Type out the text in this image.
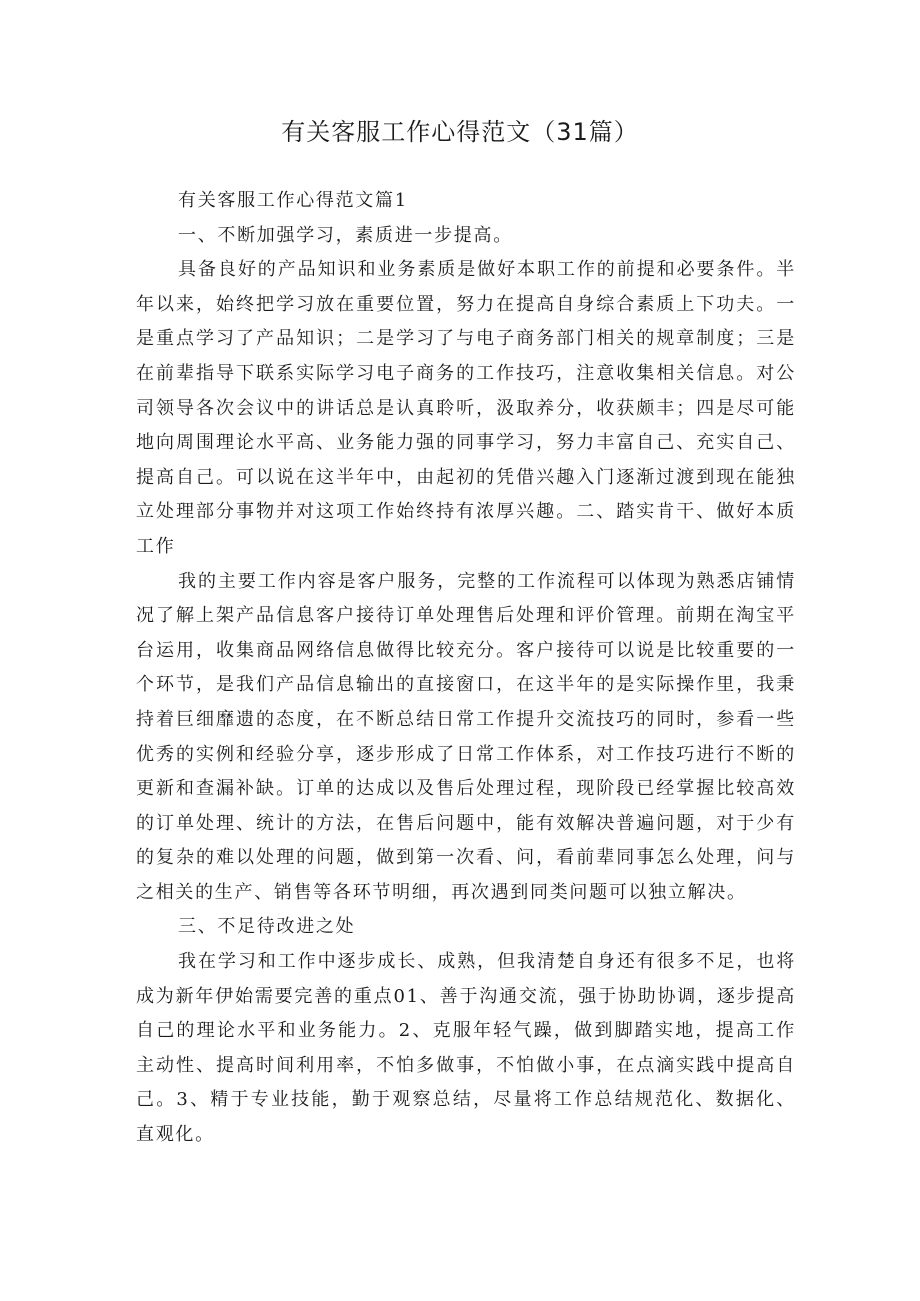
有关客服工作心得范文（31篇）

有关客服工作心得范文篇1

一、不断加强学习，素质进一步提高。

具备良好的产品知识和业务素质是做好本职工作的前提和必要条件。半年以来，始终把学习放在重要位置，努力在提高自身综合素质上下功夫。一是重点学习了产品知识；二是学习了与电子商务部门相关的规章制度；三是在前辈指导下联系实际学习电子商务的工作技巧，注意收集相关信息。对公司领导各次会议中的讲话总是认真聆听，汲取养分，收获颇丰；四是尽可能地向周围理论水平高、业务能力强的同事学习，努力丰富自己、充实自己、提高自己。可以说在这半年中，由起初的凭借兴趣入门逐渐过渡到现在能独立处理部分事物并对这项工作始终持有浓厚兴趣。二、踏实肯干、做好本质工作

我的主要工作内容是客户服务，完整的工作流程可以体现为熟悉店铺情况了解上架产品信息客户接待订单处理售后处理和评价管理。前期在淘宝平台运用，收集商品网络信息做得比较充分。客户接待可以说是比较重要的一个环节，是我们产品信息输出的直接窗口，在这半年的是实际操作里，我秉持着巨细靡遗的态度，在不断总结日常工作提升交流技巧的同时，参看一些优秀的实例和经验分享，逐步形成了日常工作体系，对工作技巧进行不断的更新和查漏补缺。订单的达成以及售后处理过程，现阶段已经掌握比较高效的订单处理、统计的方法，在售后问题中，能有效解决普遍问题，对于少有的复杂的难以处理的问题，做到第一次看、问，看前辈同事怎么处理，问与之相关的生产、销售等各环节明细，再次遇到同类问题可以独立解决。

三、不足待改进之处

我在学习和工作中逐步成长、成熟，但我清楚自身还有很多不足，也将成为新年伊始需要完善的重点01、善于沟通交流，强于协助协调，逐步提高自己的理论水平和业务能力。2、克服年轻气躁，做到脚踏实地，提高工作主动性、提高时间利用率，不怕多做事，不怕做小事，在点滴实践中提高自己。3、精于专业技能，勤于观察总结，尽量将工作总结规范化、数据化、直观化。
